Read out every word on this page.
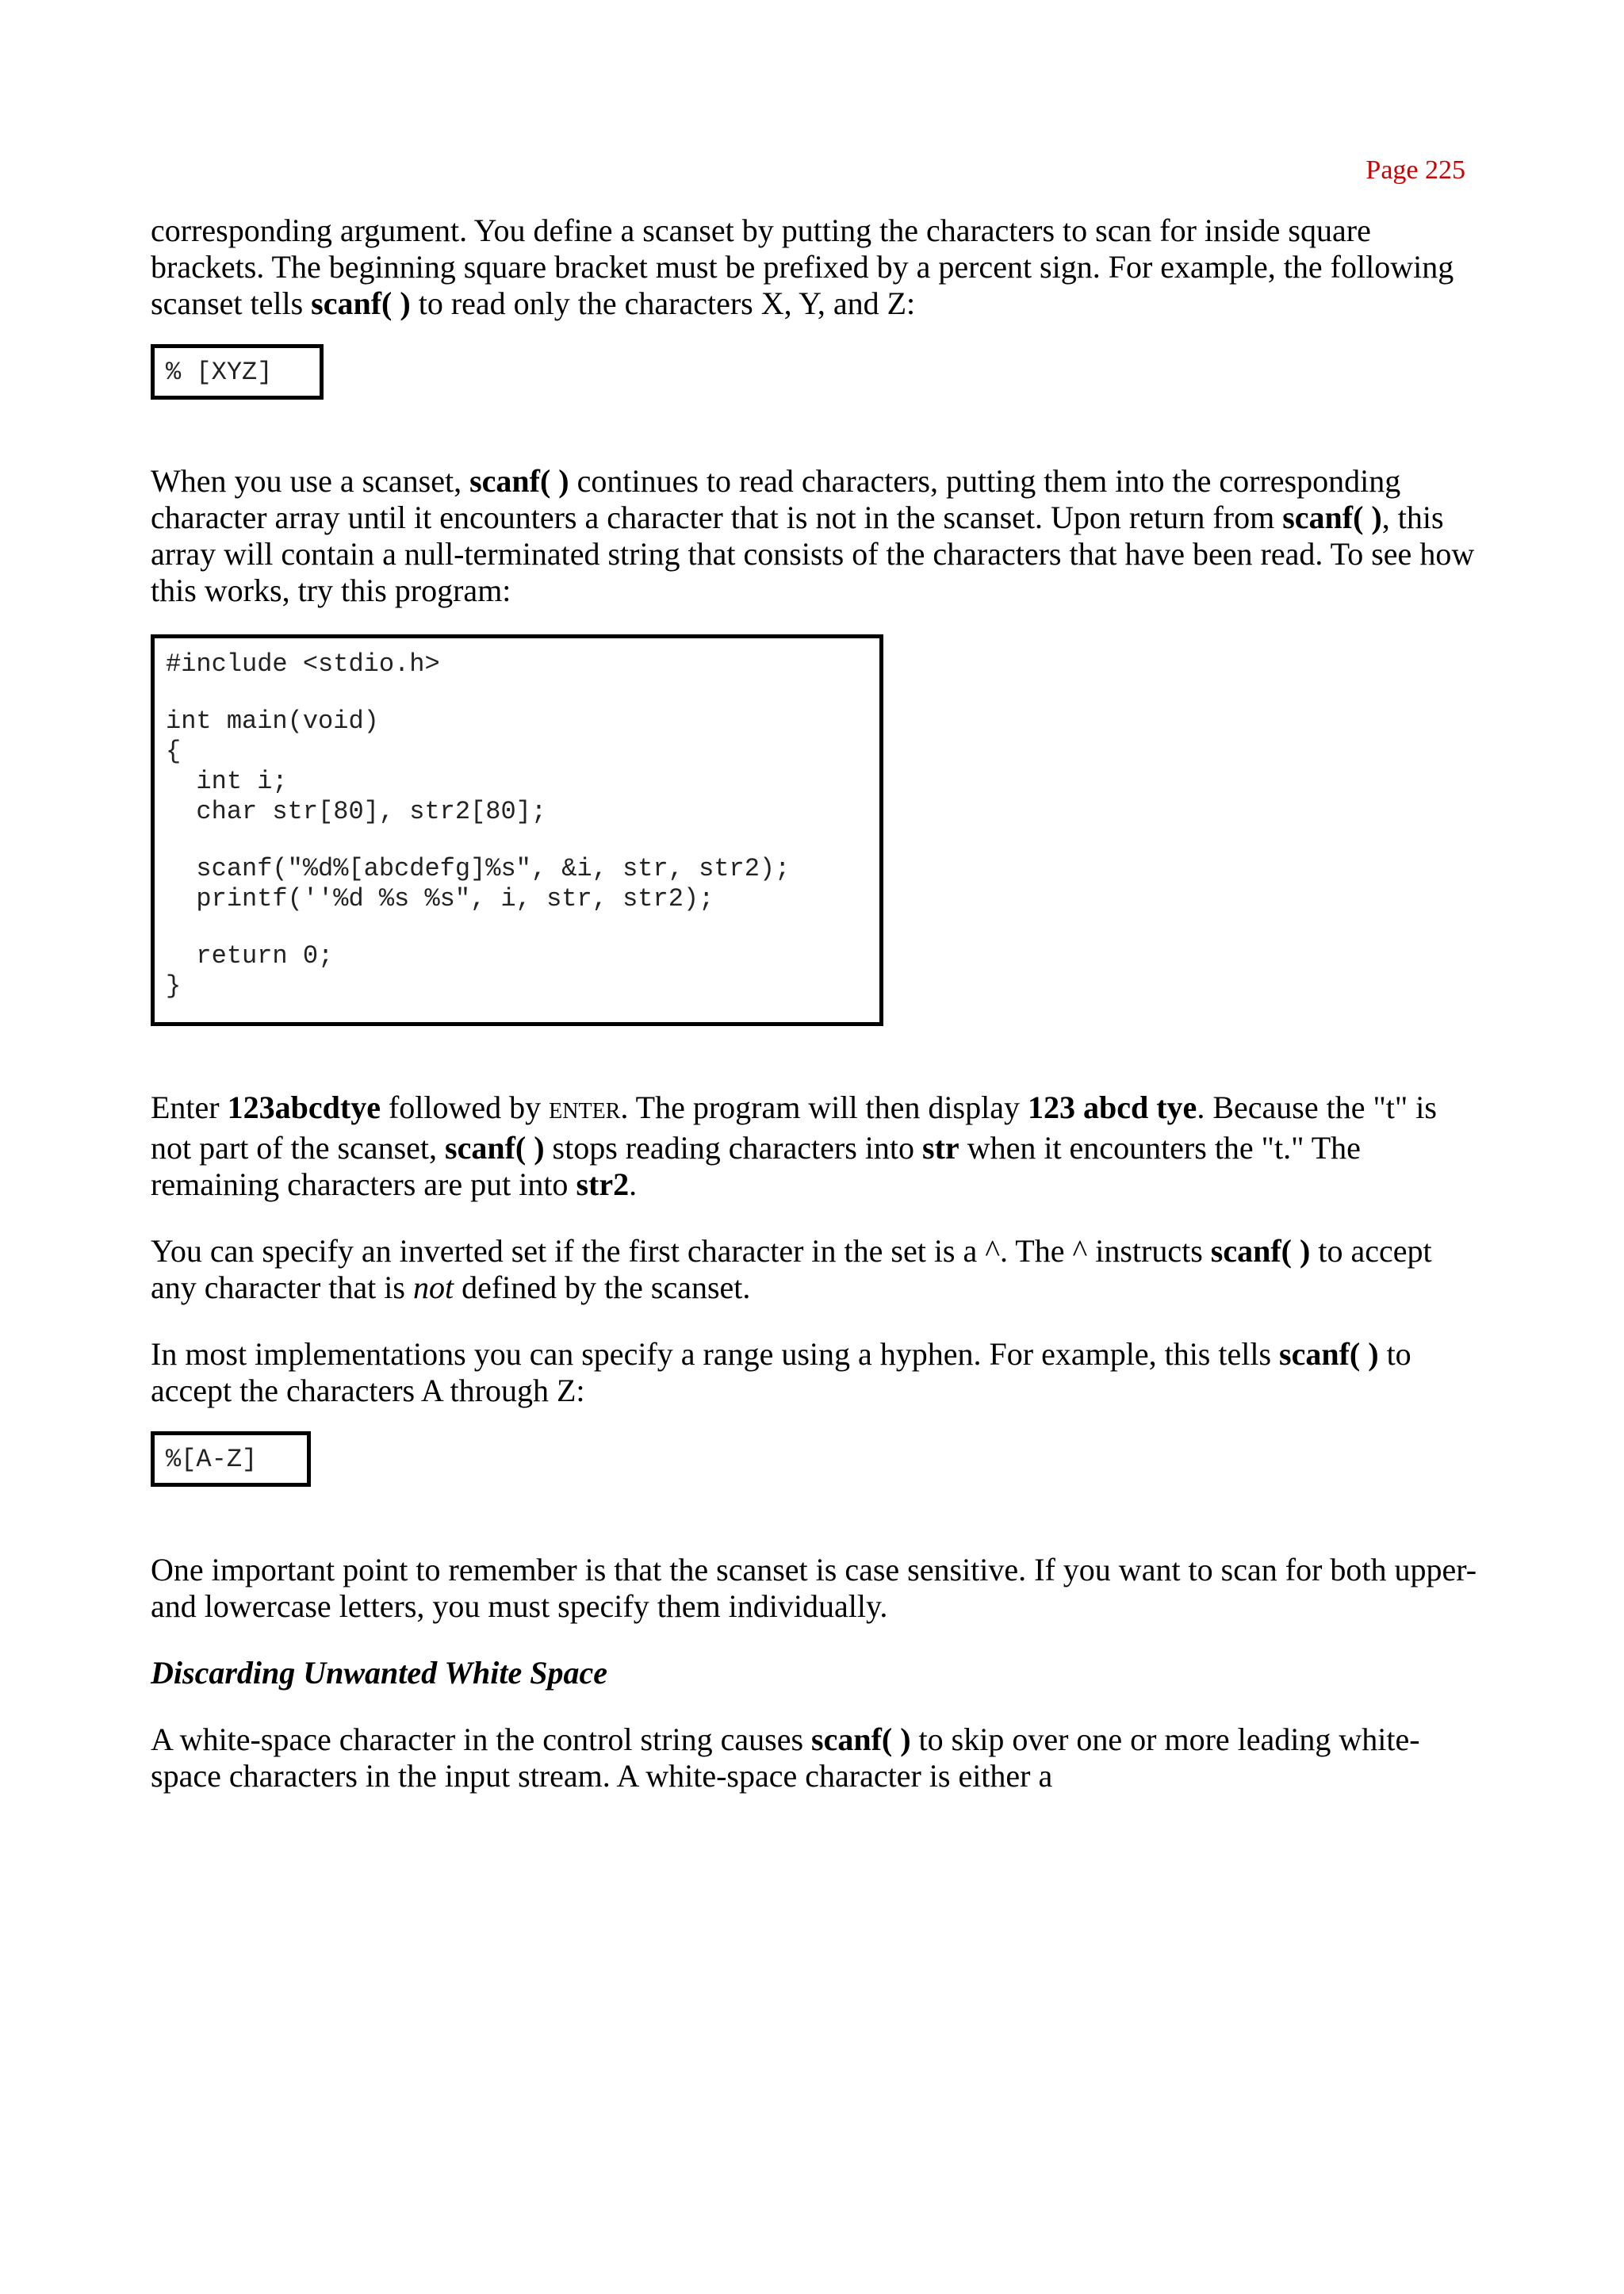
Page 225

corresponding argument. You define a scanset by putting the characters to scan for inside square brackets. The beginning square bracket must be prefixed by a percent sign. For example, the following scanset tells scanf( ) to read only the characters X, Y, and Z:

% [XYZ]

When you use a scanset, scanf( ) continues to read characters, putting them into the corresponding character array until it encounters a character that is not in the scanset. Upon return from scanf( ), this array will contain a null-terminated string that consists of the characters that have been read. To see how this works, try this program:

#include <stdio.h>
int main(void)
{
int i;
char str[80], str2[80];
scanf("%d%[abcdefg]%s", &i, str, str2);
printf(''%d %s %s", i, str, str2);
return 0;
}

Enter 123abcdtye followed by ENTER. The program will then display 123 abcd tye. Because the "t" is not part of the scanset, scanf( ) stops reading characters into str when it encounters the "t." The remaining characters are put into str2.

You can specify an inverted set if the first character in the set is a ^. The ^ instructs scanf( ) to accept any character that is not defined by the scanset.

In most implementations you can specify a range using a hyphen. For example, this tells scanf( ) to accept the characters A through Z:

%[A-Z]

One important point to remember is that the scanset is case sensitive. If you want to scan for both upper- and lowercase letters, you must specify them individually.

Discarding Unwanted White Space

A white-space character in the control string causes scanf( ) to skip over one or more leading white-space characters in the input stream. A white-space character is either a
